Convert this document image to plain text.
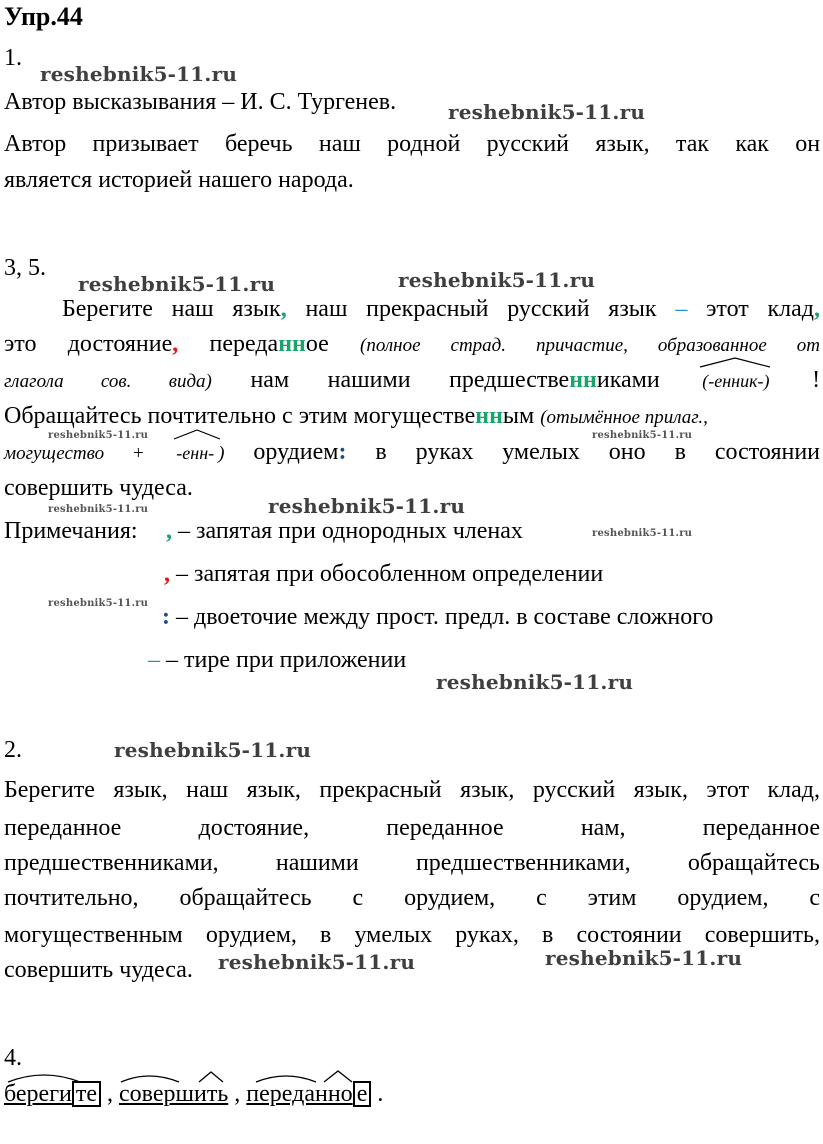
Упр.44
1.
Автор высказывания – И. С. Тургенев.
Автор призывает беречь наш родной русский язык, так как он
является историей нашего народа.
3, 5.
Берегите наш язык, наш прекрасный русский язык – этот клад,
это достояние, переданное (полное страд. причастие, образованное от
глагола сов. вида) нам нашими предшественниками (-енник-) !
Обращайтесь почтительно с этим могущественным (отымённое прилаг.,
могущество +
-енн- ) орудием: в руках умелых оно в состоянии
совершить чудеса.
Примечания: , – запятая при однородных членах
, – запятая при обособленном определении
: – двоеточие между прост. предл. в составе сложного
– – тире при приложении
2.
Берегите язык, наш язык, прекрасный язык, русский язык, этот клад,
переданное	достояние,	переданное	нам,	переданное
предшественниками, нашими предшественниками, обращайтесь
почтительно, обращайтесь с орудием, с этим орудием, с
могущественным орудием, в умелых руках, в состоянии совершить,
совершить чудеса.
4.
береги те , совершить , переданно е .
reshebnik5-11.ru
reshebnik5-11.ru
reshebnik5-11.ru	reshebnik5-11.ru
reshebnik5-11.ru	reshebnik5-11.ru
reshebnik5-11.ru	reshebnik5-11.ru
reshebnik5-11.ru
reshebnik5-11.ru
reshebnik5-11.ru
reshebnik5-11.ru
reshebnik5-11.ru	reshebnik5-11.ru
